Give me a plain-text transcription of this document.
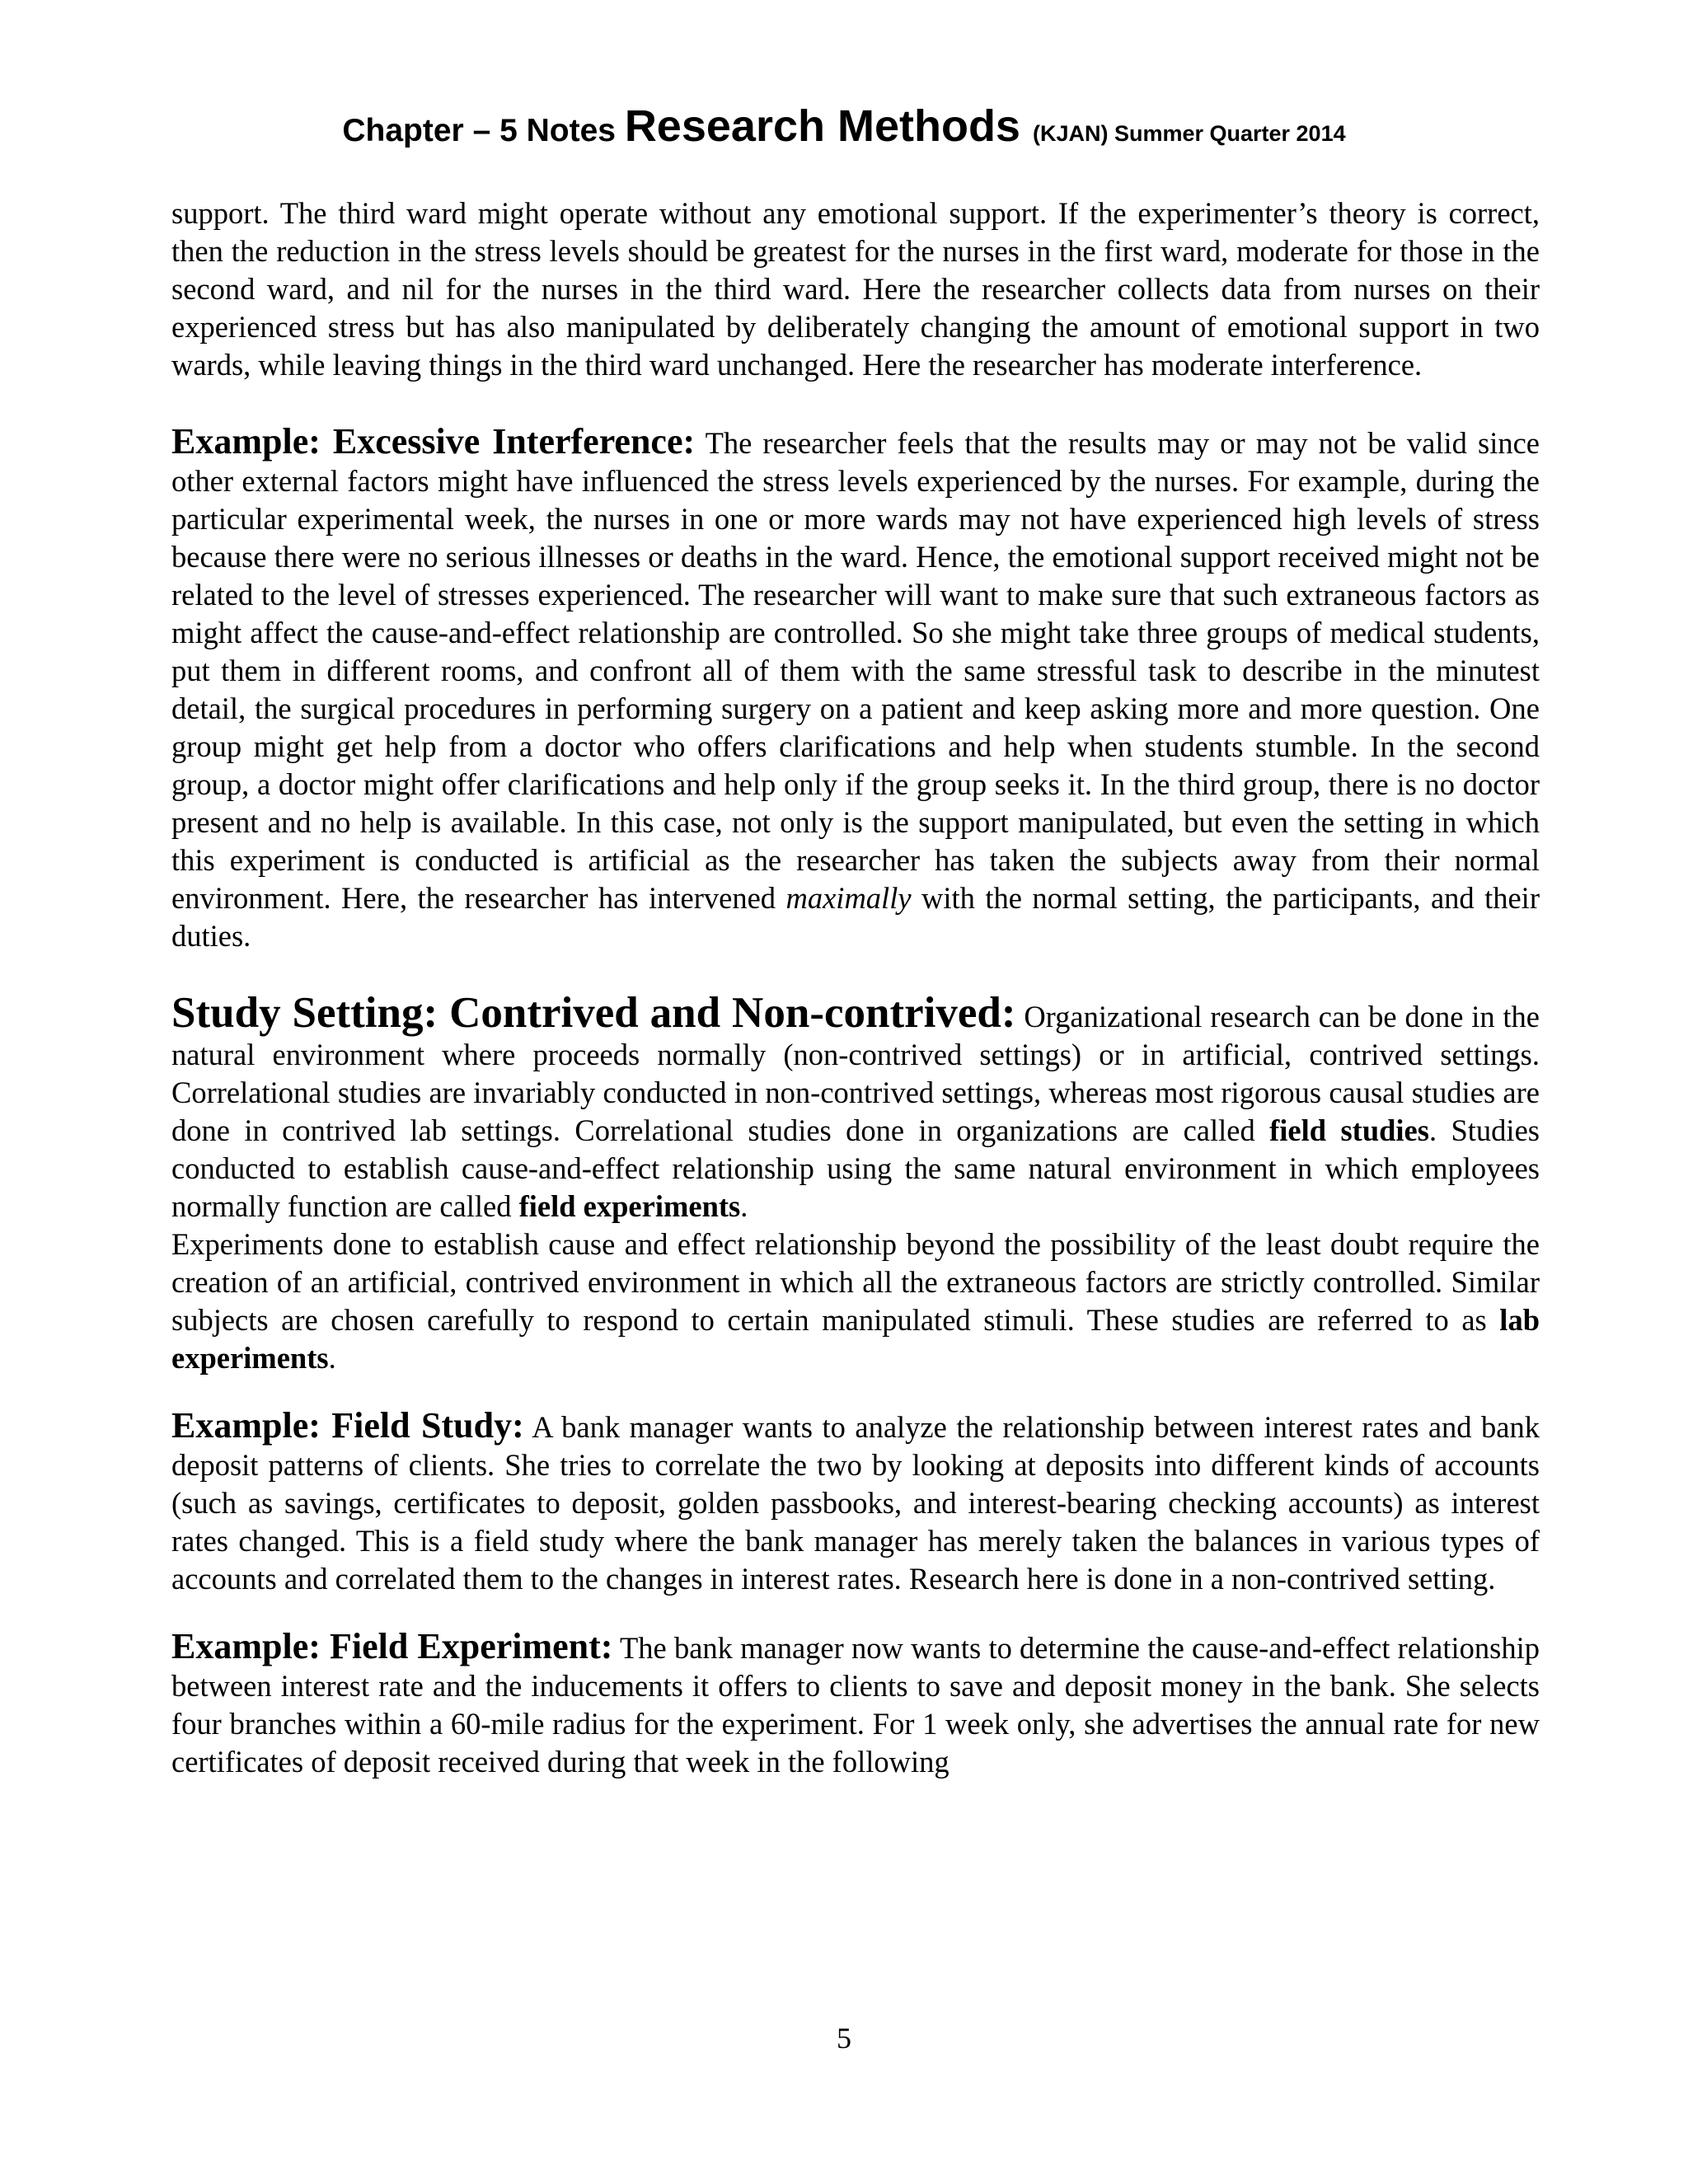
Chapter – 5 Notes Research Methods (KJAN) Summer Quarter 2014

support. The third ward might operate without any emotional support. If the experimenter’s theory is correct, then the reduction in the stress levels should be greatest for the nurses in the first ward, moderate for those in the second ward, and nil for the nurses in the third ward. Here the researcher collects data from nurses on their experienced stress but has also manipulated by deliberately changing the amount of emotional support in two wards, while leaving things in the third ward unchanged. Here the researcher has moderate interference.

Example: Excessive Interference: The researcher feels that the results may or may not be valid since other external factors might have influenced the stress levels experienced by the nurses. For example, during the particular experimental week, the nurses in one or more wards may not have experienced high levels of stress because there were no serious illnesses or deaths in the ward. Hence, the emotional support received might not be related to the level of stresses experienced. The researcher will want to make sure that such extraneous factors as might affect the cause-and-effect relationship are controlled. So she might take three groups of medical students, put them in different rooms, and confront all of them with the same stressful task to describe in the minutest detail, the surgical procedures in performing surgery on a patient and keep asking more and more question. One group might get help from a doctor who offers clarifications and help when students stumble. In the second group, a doctor might offer clarifications and help only if the group seeks it. In the third group, there is no doctor present and no help is available. In this case, not only is the support manipulated, but even the setting in which this experiment is conducted is artificial as the researcher has taken the subjects away from their normal environment. Here, the researcher has intervened maximally with the normal setting, the participants, and their duties.

Study Setting: Contrived and Non-contrived: Organizational research can be done in the natural environment where proceeds normally (non-contrived settings) or in artificial, contrived settings. Correlational studies are invariably conducted in non-contrived settings, whereas most rigorous causal studies are done in contrived lab settings. Correlational studies done in organizations are called field studies. Studies conducted to establish cause-and-effect relationship using the same natural environment in which employees normally function are called field experiments.

Experiments done to establish cause and effect relationship beyond the possibility of the least doubt require the creation of an artificial, contrived environment in which all the extraneous factors are strictly controlled. Similar subjects are chosen carefully to respond to certain manipulated stimuli. These studies are referred to as lab experiments.

Example: Field Study: A bank manager wants to analyze the relationship between interest rates and bank deposit patterns of clients. She tries to correlate the two by looking at deposits into different kinds of accounts (such as savings, certificates to deposit, golden passbooks, and interest-bearing checking accounts) as interest rates changed. This is a field study where the bank manager has merely taken the balances in various types of accounts and correlated them to the changes in interest rates. Research here is done in a non-contrived setting.

Example: Field Experiment: The bank manager now wants to determine the cause-and-effect relationship between interest rate and the inducements it offers to clients to save and deposit money in the bank. She selects four branches within a 60-mile radius for the experiment. For 1 week only, she advertises the annual rate for new certificates of deposit received during that week in the following

5
